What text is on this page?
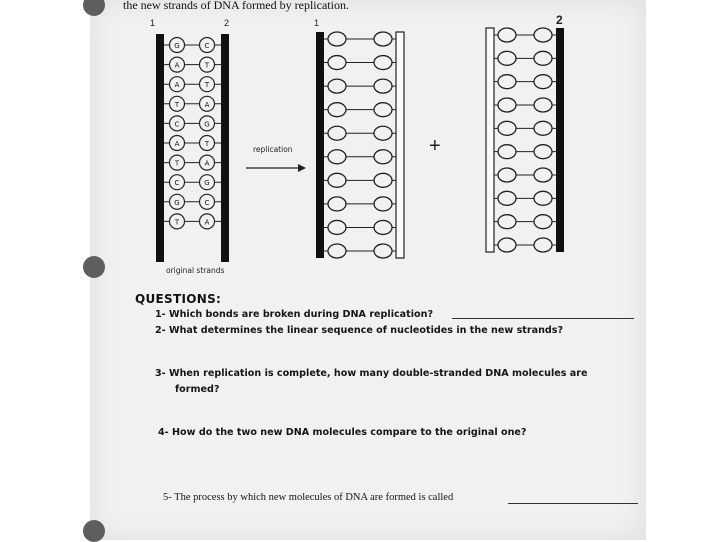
the new strands of DNA formed by replication.
G	C
A	T
A	T
T	A
C	G
A	T
T	A
C	G
G	C
T	A
1	2	1	2
replication	+
original strands
QUESTIONS:
1- Which bonds are broken during DNA replication?
2- What determines the linear sequence of nucleotides in the new strands?
3- When replication is complete, how many double-stranded DNA molecules are
formed?
4- How do the two new DNA molecules compare to the original one?
5- The process by which new molecules of DNA are formed is called
